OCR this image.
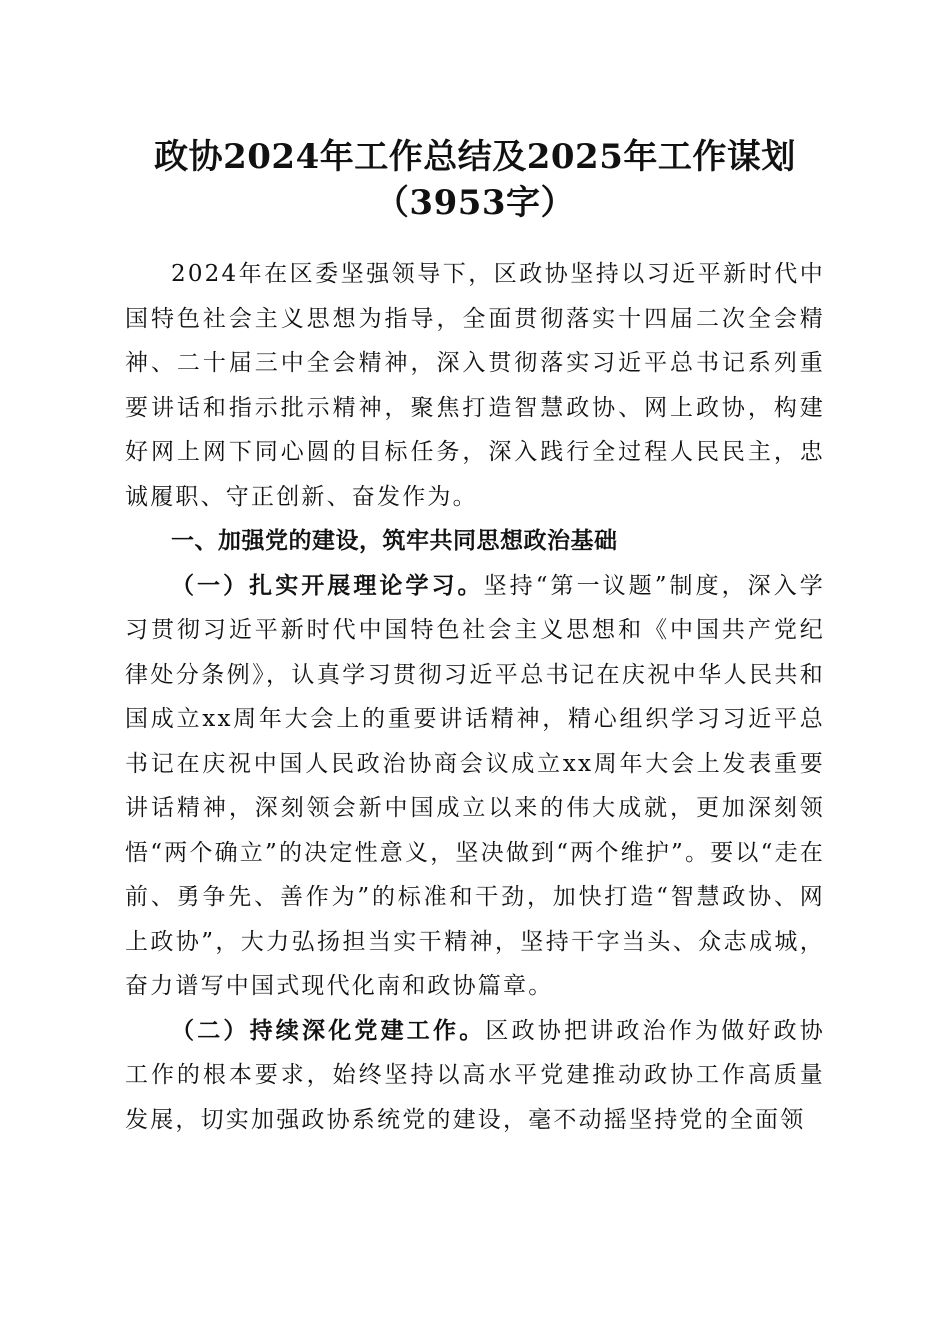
政协2024年工作总结及2025年工作谋划
（3953字）

2024年在区委坚强领导下，区政协坚持以习近平新时代中国特色社会主义思想为指导，全面贯彻落实十四届二次全会精神、二十届三中全会精神，深入贯彻落实习近平总书记系列重要讲话和指示批示精神，聚焦打造智慧政协、网上政协，构建好网上网下同心圆的目标任务，深入践行全过程人民民主，忠诚履职、守正创新、奋发作为。

一、加强党的建设，筑牢共同思想政治基础

（一）扎实开展理论学习。坚持“第一议题”制度，深入学习贯彻习近平新时代中国特色社会主义思想和《中国共产党纪律处分条例》，认真学习贯彻习近平总书记在庆祝中华人民共和国成立xx周年大会上的重要讲话精神，精心组织学习习近平总书记在庆祝中国人民政治协商会议成立xx周年大会上发表重要讲话精神，深刻领会新中国成立以来的伟大成就，更加深刻领悟“两个确立”的决定性意义，坚决做到“两个维护”。要以“走在前、勇争先、善作为”的标准和干劲，加快打造“智慧政协、网上政协”，大力弘扬担当实干精神，坚持干字当头、众志成城，奋力谱写中国式现代化南和政协篇章。

（二）持续深化党建工作。区政协把讲政治作为做好政协工作的根本要求，始终坚持以高水平党建推动政协工作高质量发展，切实加强政协系统党的建设，毫不动摇坚持党的全面领
